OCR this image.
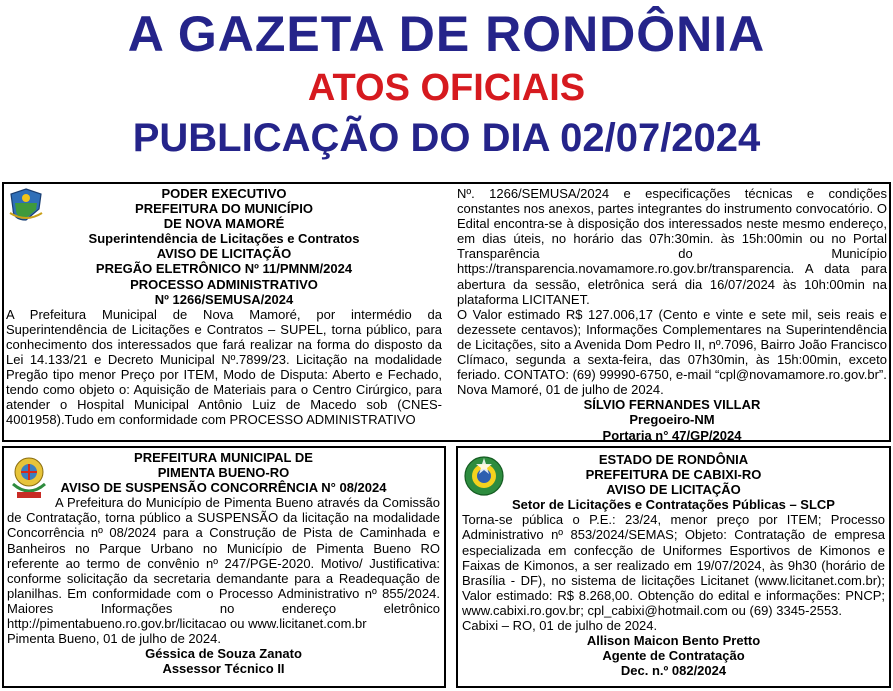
A GAZETA DE RONDÔNIA
ATOS OFICIAIS
PUBLICAÇÃO DO DIA 02/07/2024
PODER EXECUTIVO
PREFEITURA DO MUNICÍPIO
DE NOVA MAMORÉ
Superintendência de Licitações e Contratos
AVISO DE LICITAÇÃO
PREGÃO ELETRÔNICO Nº 11/PMNM/2024
PROCESSO ADMINISTRATIVO
Nº 1266/SEMUSA/2024
A Prefeitura Municipal de Nova Mamoré, por intermédio da Superintendência de Licitações e Contratos – SUPEL, torna público, para conhecimento dos interessados que fará realizar na forma do disposto da Lei 14.133/21 e Decreto Municipal Nº.7899/23. Licitação na modalidade Pregão tipo menor Preço por ITEM, Modo de Disputa: Aberto e Fechado, tendo como objeto o: Aquisição de Materiais para o Centro Cirúrgico, para atender o Hospital Municipal Antônio Luiz de Macedo sob (CNES-4001958).Tudo em conformidade com PROCESSO ADMINISTRATIVO
Nº. 1266/SEMUSA/2024 e especificações técnicas e condições constantes nos anexos, partes integrantes do instrumento convocatório. O Edital encontra-se à disposição dos interessados neste mesmo endereço, em dias úteis, no horário das 07h:30min. às 15h:00min ou no Portal Transparência do Município https://transparencia.novamamore.ro.gov.br/transparencia. A data para abertura da sessão, eletrônica será dia 16/07/2024 às 10h:00min na plataforma LICITANET.
O Valor estimado R$ 127.006,17 (Cento e vinte e sete mil, seis reais e dezessete centavos); Informações Complementares na Superintendência de Licitações, sito a Avenida Dom Pedro II, nº.7096, Bairro João Francisco Clímaco, segunda a sexta-feira, das 07h30min, às 15h:00min, exceto feriado. CONTATO: (69) 99990-6750, e-mail “cpl@novamamore.ro.gov.br”.
Nova Mamoré, 01 de julho de 2024.
SÍLVIO FERNANDES VILLAR
Pregoeiro-NM
Portaria n° 47/GP/2024
PREFEITURA MUNICIPAL DE
PIMENTA BUENO-RO
AVISO DE SUSPENSÃO CONCORRÊNCIA N° 08/2024
A Prefeitura do Município de Pimenta Bueno através da Comissão de Contratação, torna público a SUSPENSÃO da licitação na modalidade Concorrência nº 08/2024 para a Construção de Pista de Caminhada e Banheiros no Parque Urbano no Município de Pimenta Bueno RO referente ao termo de convênio nº 247/PGE-2020. Motivo/ Justificativa: conforme solicitação da secretaria demandante para a Readequação de planilhas. Em conformidade com o Processo Administrativo nº 855/2024. Maiores Informações no endereço eletrônico http://pimentabueno.ro.gov.br/licitacao ou www.licitanet.com.br
Pimenta Bueno, 01 de julho de 2024.
Géssica de Souza Zanato
Assessor Técnico II
ESTADO DE RONDÔNIA
PREFEITURA DE CABIXI-RO
AVISO DE LICITAÇÃO
Setor de Licitações e Contratações Públicas – SLCP
Torna-se pública o P.E.: 23/24, menor preço por ITEM; Processo Administrativo nº 853/2024/SEMAS; Objeto: Contratação de empresa especializada em confecção de Uniformes Esportivos de Kimonos e Faixas de Kimonos, a ser realizado em 19/07/2024, às 9h30 (horário de Brasília - DF), no sistema de licitações Licitanet (www.licitanet.com.br); Valor estimado: R$ 8.268,00. Obtenção do edital e informações: PNCP; www.cabixi.ro.gov.br; cpl_cabixi@hotmail.com ou (69) 3345-2553.
Cabixi – RO, 01 de julho de 2024.
Allison Maicon Bento Pretto
Agente de Contratação
Dec. n.º 082/2024
